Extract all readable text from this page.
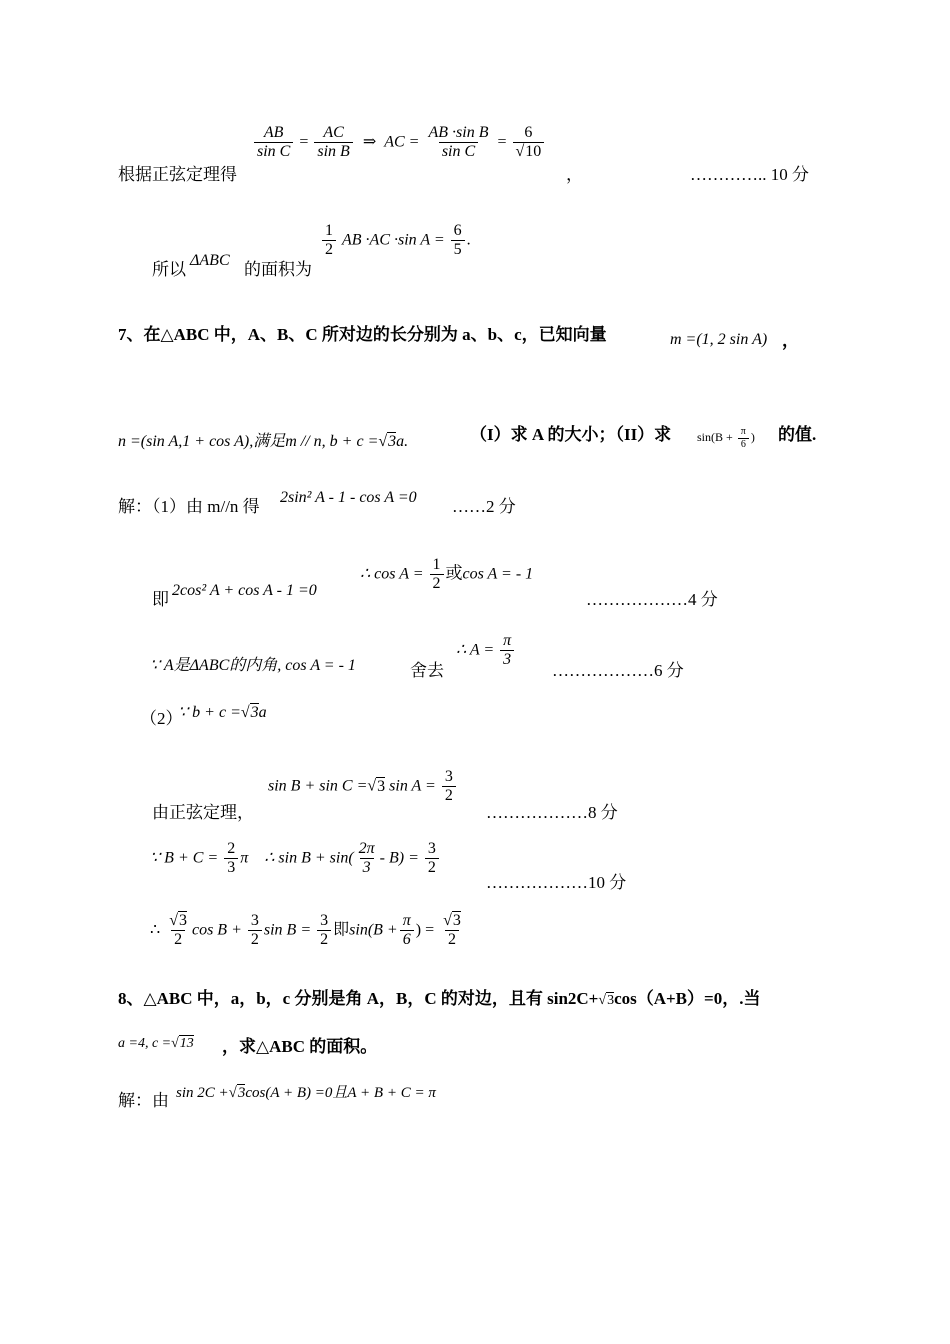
根据正弦定理得
$\frac{AB}{\text{sin C}} = \frac{AC}{\text{sin B}}$ ⇒ AC = $\frac{\text{AB ·sin B}}{\text{sin C}} = \frac{6}{√10}$
，	………….. 10 分
所以 ΔABC 的面积为
$\frac{1}{2}$ AB ·AC ·sin $A = \frac{6}{5}$ .
7、在△ABC 中，A、B、C 所对边的长分别为 a、b、c，已知向量	m =(1, 2 sin A) ，
n =(sin A,1 + cos A),满足m // n, b + c =√3a.	（I）求 A 的大小；（II）求 $\sin(B + \frac{\pi}{6}$ ) 的值.
解：（1）由 m//n 得 2sin² A - 1 - cos A =0 ……2 分
即 2cos² A + cos A - 1 =0
∴ $\cos A = \frac{1}{2}$ 或cos A = - 1
………………4 分
∵ A是ΔABC的内角, cos A = - 1	舍去
∴ $A = \frac{\pi}{3}$
………………6 分
（2）
∵ b + c =√3a
由正弦定理，
sin B + sin C =√3 $\sin A = \frac{3}{2}$
………………8 分
∵ $B + C = \frac{2}{3}$ π ∴ $\sin B + \sin( \frac{2\pi}{3} - B) = \frac{3}{2}$
………………10 分
∴ $\frac{√3}{2}$ $\cos B + \frac{3}{2}$ $\sin B = \frac{3}{2}$ 即$\sin(B + \frac{\pi}{6}$ ) = $\frac{√3}{2}$
8、△ABC 中，a，b，c 分别是角 A，B，C 的对边，且有 sin2C+√3cos（A+B）=0，.当
a =4, c =√13 ，求△ABC 的面积。
解：由 sin 2C +√3cos(A + B) =0且A + B + C = π
